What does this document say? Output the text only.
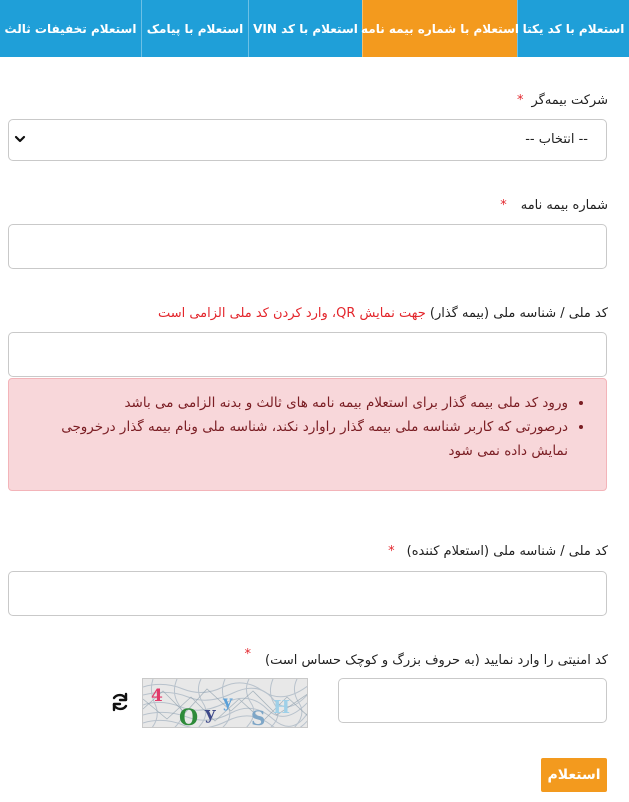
استعلام با کد یکتا
استعلام با شماره بیمه نامه
استعلام با کد VIN
استعلام با پیامک
استعلام تخفیفات ثالث
شرکت بیمه‌گر*
-- انتخاب --
شماره بیمه نامه*
کد ملی / شناسه ملی (بیمه گذار) جهت نمایش QR، وارد کردن کد ملی الزامی است
• ورود کد ملی بیمه گذار برای استعلام بیمه نامه های ثالث و بدنه الزامی می باشد
• درصورتی که کاربر شناسه ملی بیمه گذار راوارد نکند، شناسه ملی ونام بیمه گذار درخروجی نمایش داده نمی شود
کد ملی / شناسه ملی (استعلام کننده)*
کد امنیتی را وارد نمایید (به حروف بزرگ و کوچک حساس است)*
4
O y
y
S H
استعلام
